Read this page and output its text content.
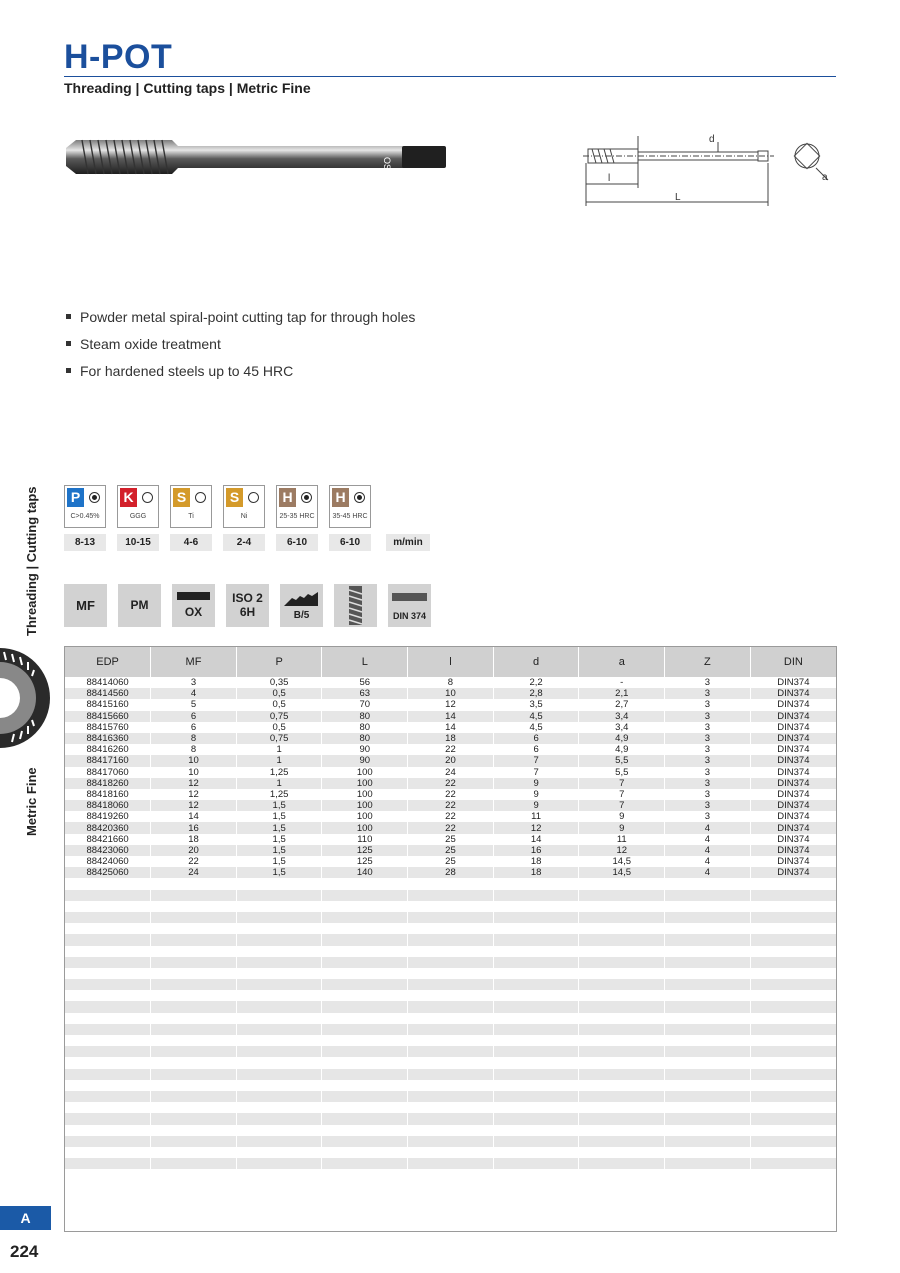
H-POT
Threading | Cutting taps | Metric Fine
OSG
d
l
L
a
Powder metal spiral-point cutting tap for through holes
Steam oxide treatment
For hardened steels up to 45 HRC
Threading | Cutting taps
Metric Fine
P
C>0.45%
8-13
K
GGG
10-15
S
Ti
4-6
S
Ni
2-4
H
25-35 HRC
6-10
H
35-45 HRC
6-10	m/min
MF	PM	OX
ISO 2
6H	B/5	DIN 374
EDP	MF	P	L	l	d	a	Z	DIN
88414060	3	0,35	56	8	2,2	-	3	DIN374
88414560	4	0,5	63	10	2,8	2,1	3	DIN374
88415160	5	0,5	70	12	3,5	2,7	3	DIN374
88415660	6	0,75	80	14	4,5	3,4	3	DIN374
88415760	6	0,5	80	14	4,5	3,4	3	DIN374
88416360	8	0,75	80	18	6	4,9	3	DIN374
88416260	8	1	90	22	6	4,9	3	DIN374
88417160	10	1	90	20	7	5,5	3	DIN374
88417060	10	1,25	100	24	7	5,5	3	DIN374
88418260	12	1	100	22	9	7	3	DIN374
88418160	12	1,25	100	22	9	7	3	DIN374
88418060	12	1,5	100	22	9	7	3	DIN374
88419260	14	1,5	100	22	11	9	3	DIN374
88420360	16	1,5	100	22	12	9	4	DIN374
88421660	18	1,5	110	25	14	11	4	DIN374
88423060	20	1,5	125	25	16	12	4	DIN374
88424060	22	1,5	125	25	18	14,5	4	DIN374
88425060	24	1,5	140	28	18	14,5	4	DIN374

A
224
